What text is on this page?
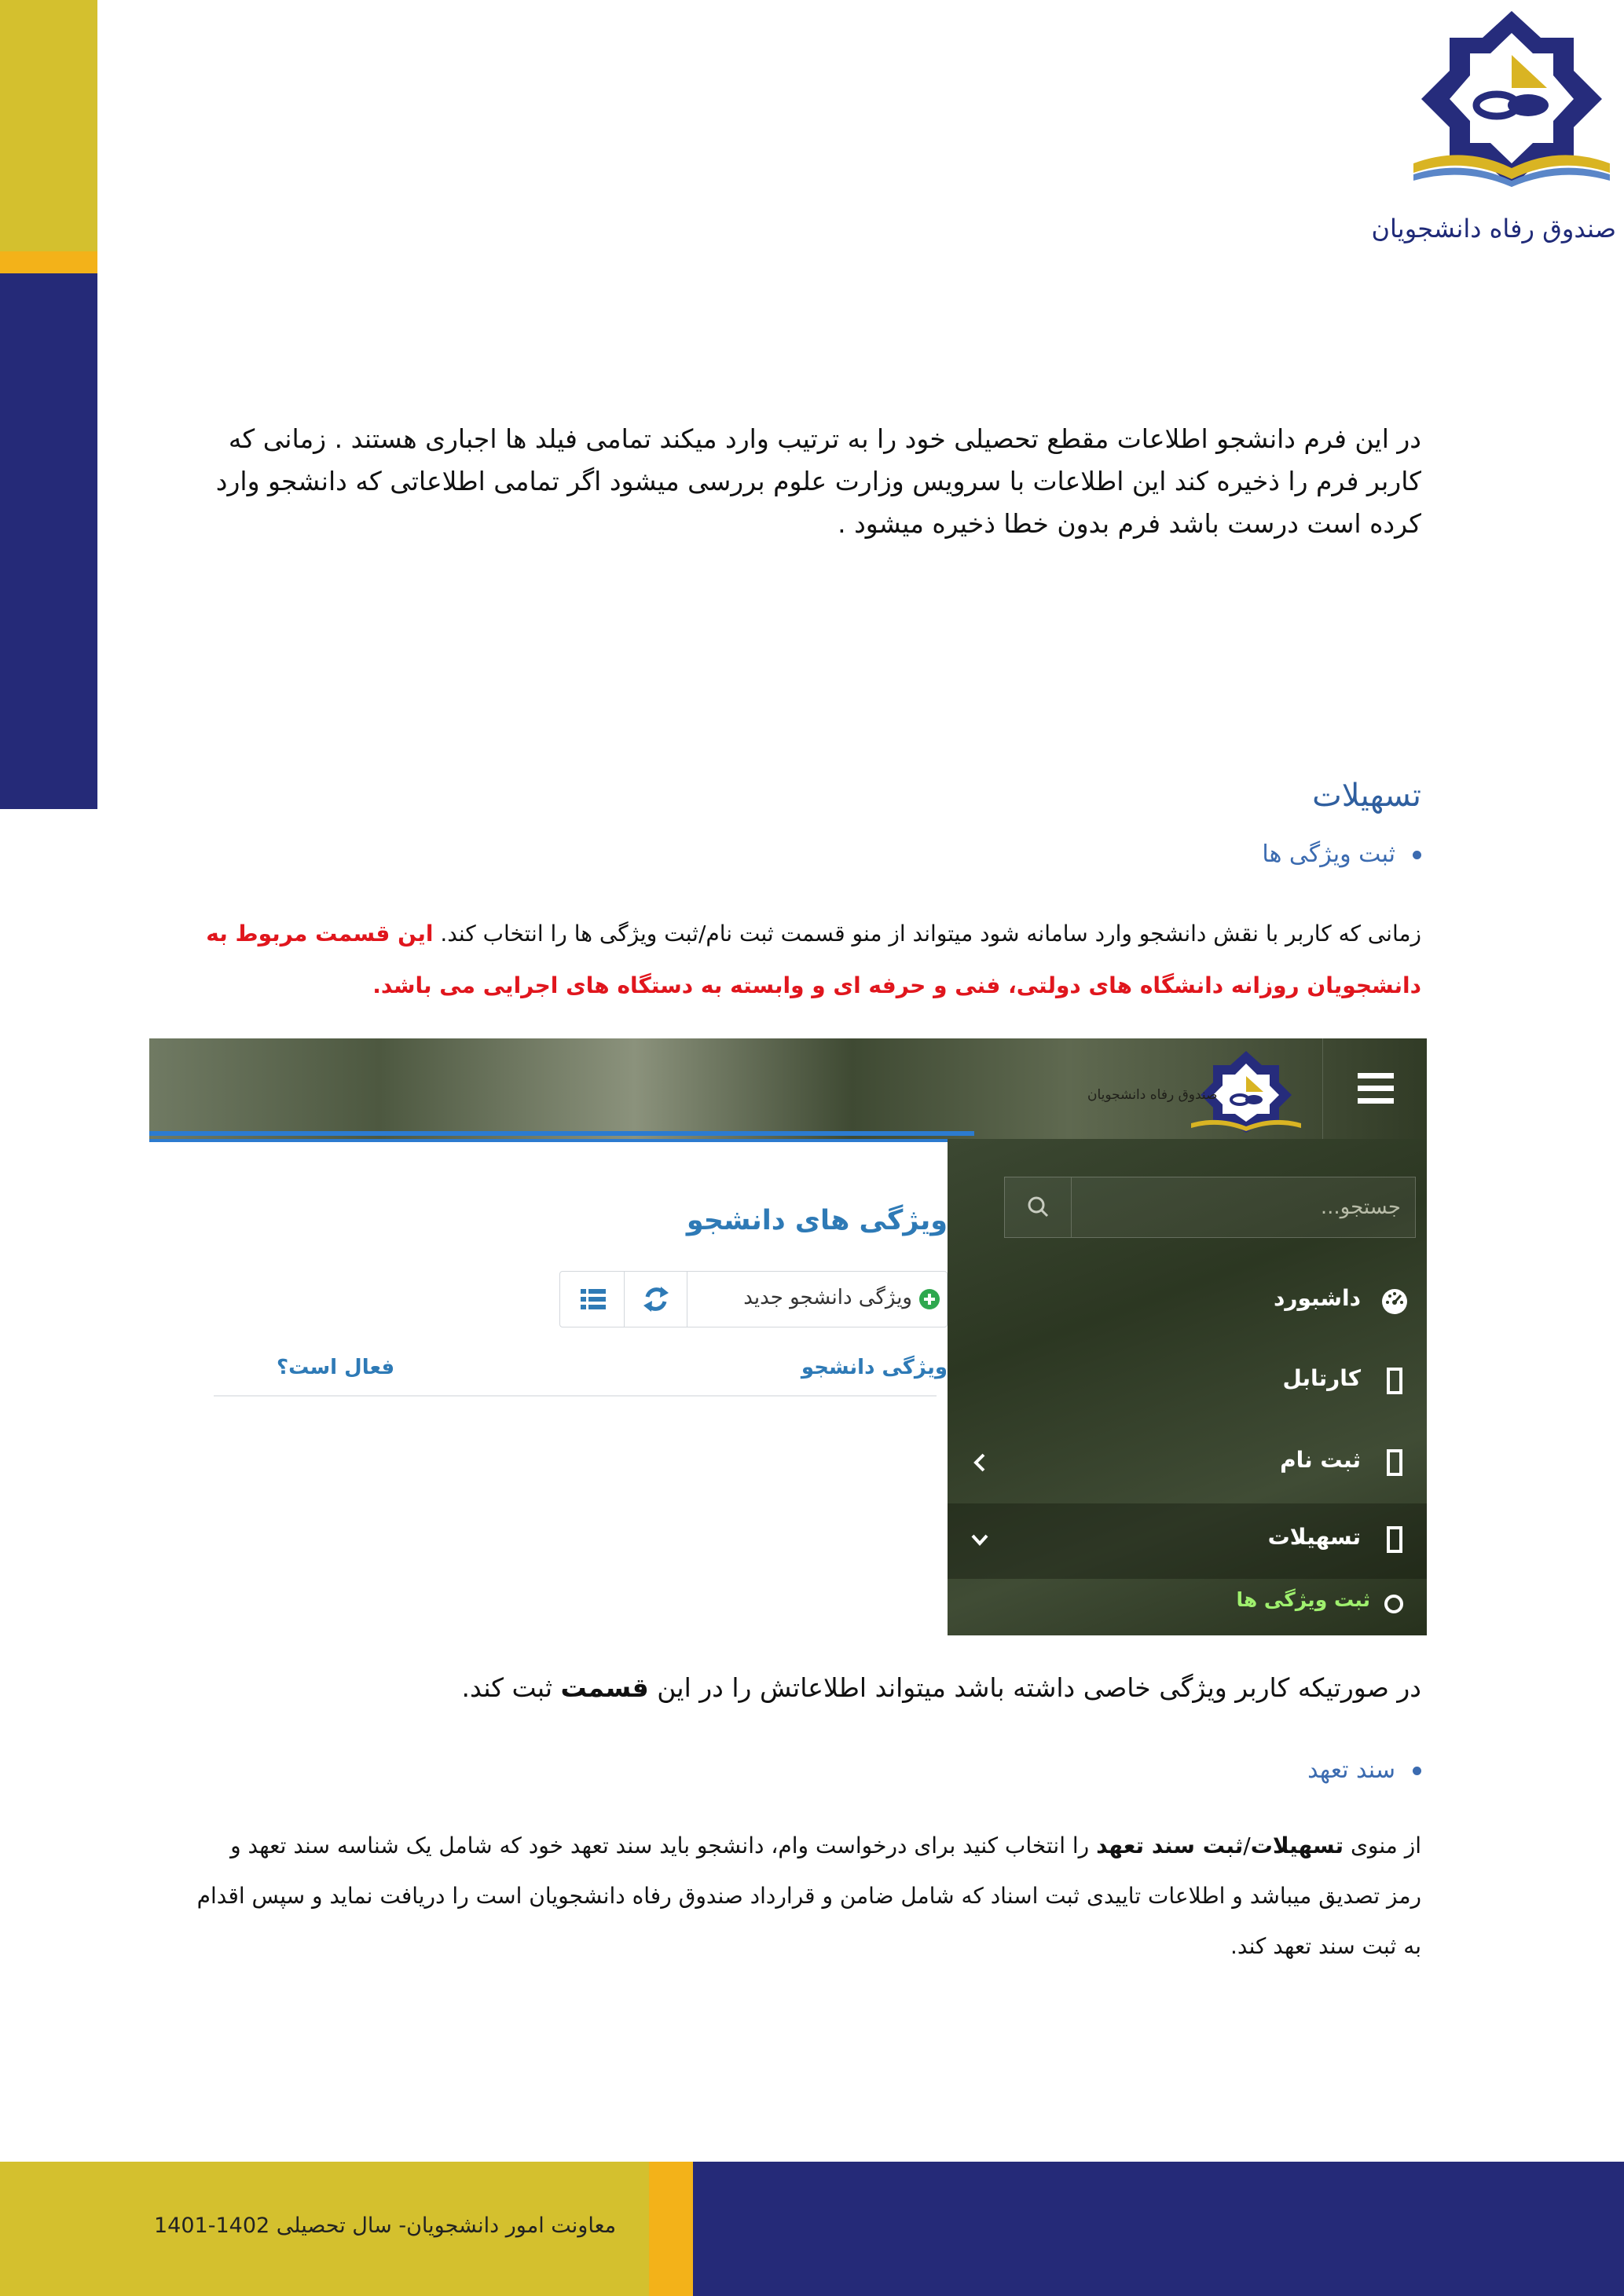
صندوق رفاه دانشجویان
در این فرم دانشجو اطلاعات مقطع تحصیلی خود را به ترتیب وارد میکند تمامی فیلد ها اجباری هستند . زمانی که کاربر فرم را ذخیره کند این اطلاعات با سرویس وزارت علوم بررسی میشود اگر تمامی اطلاعاتی که دانشجو وارد کرده است درست باشد فرم بدون خطا ذخیره میشود .
تسهیلات
ثبت ویژگی ها
زمانی که کاربر با نقش دانشجو وارد سامانه شود میتواند از منو قسمت ثبت نام/ثبت ویژگی ها را انتخاب کند. این قسمت مربوط به دانشجویان روزانه دانشگاه های دولتی، فنی و حرفه ای و وابسته به دستگاه های اجرایی می باشد.
صندوق رفاه دانشجویان
جستجو...
داشبورد
کارتابل
ثبت نام
تسهیلات
ثبت ویژگی ها
ویژگی های دانشجو
ویژگی دانشجو جدید
ویژگی دانشجو
فعال است؟
در صورتیکه کاربر ویژگی خاصی داشته باشد میتواند اطلاعاتش را در این قسمت ثبت کند.
سند تعهد
از منوی تسهیلات/ثبت سند تعهد را انتخاب کنید برای درخواست وام، دانشجو باید سند تعهد خود که شامل یک شناسه سند تعهد و رمز تصدیق میباشد و اطلاعات تاییدی ثبت اسناد که شامل ضامن و قرارداد صندوق رفاه دانشجویان است را دریافت نماید و سپس اقدام به ثبت سند تعهد کند.
معاونت امور دانشجویان- سال تحصیلی 1402-1401
